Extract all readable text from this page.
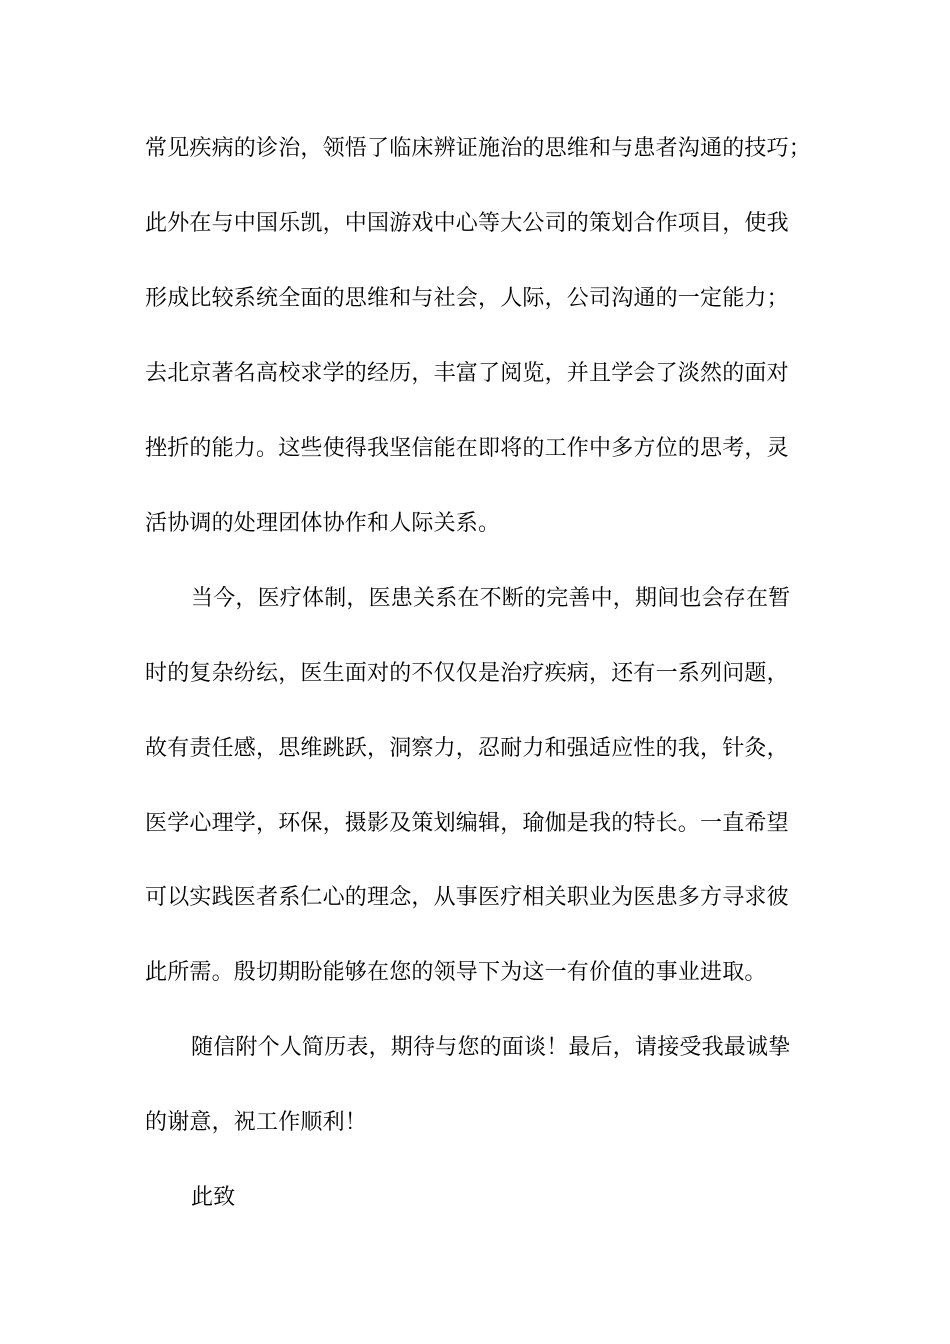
常见疾病的诊治，领悟了临床辨证施治的思维和与患者沟通的技巧；
此外在与中国乐凯，中国游戏中心等大公司的策划合作项目，使我
形成比较系统全面的思维和与社会，人际，公司沟通的一定能力；
去北京著名高校求学的经历，丰富了阅览，并且学会了淡然的面对
挫折的能力。这些使得我坚信能在即将的工作中多方位的思考，灵
活协调的处理团体协作和人际关系。
当今，医疗体制，医患关系在不断的完善中，期间也会存在暂
时的复杂纷纭，医生面对的不仅仅是治疗疾病，还有一系列问题，
故有责任感，思维跳跃，洞察力，忍耐力和强适应性的我，针灸，
医学心理学，环保，摄影及策划编辑，瑜伽是我的特长。一直希望
可以实践医者系仁心的理念，从事医疗相关职业为医患多方寻求彼
此所需。殷切期盼能够在您的领导下为这一有价值的事业进取。
随信附个人简历表，期待与您的面谈！最后，请接受我最诚挚
的谢意，祝工作顺利！
此致
